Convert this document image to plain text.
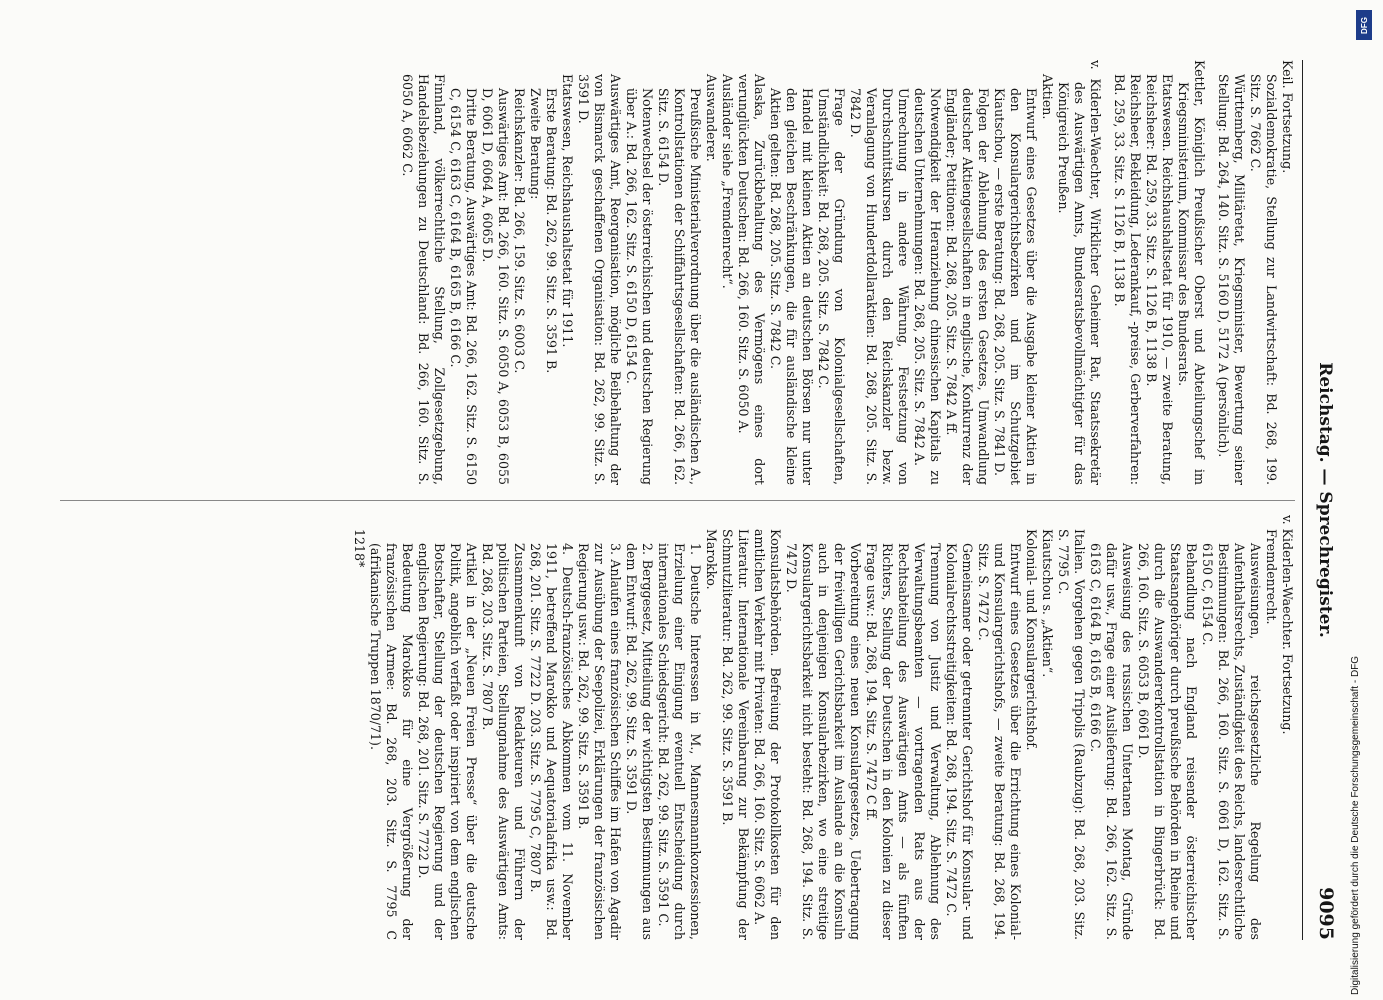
Reichstag. — Sprechregister.
9095

Keil. Fortsetzung.

Sozialdemokratie, Stellung zur Landwirtschaft: Bd. 268, 199. Sitz. S. 7662 C.

Württemberg, Militäretat, Kriegsminister, Bewertung seiner Stellung: Bd. 264, 140. Sitz. S. 5160 D, 5172 A (persönlich).

Kettler, Königlich Preußischer Oberst und Abteilungschef im Kriegsministerium, Kommissar des Bundesrats.

Etatswesen. Reichshaushaltsetat für 1910, — zweite Beratung, Reichsheer: Bd. 259, 33. Sitz. S. 1126 B, 1138 B.

Reichsheer, Bekleidung, Lederankauf, -preise, Gerberverfahren: Bd. 259, 33. Sitz. S. 1126 B, 1138 B.

v. Kiderlen-Waechter, Wirklicher Geheimer Rat, Staatssekretär des Auswärtigen Amts, Bundesratsbevollmächtigter für das Königreich Preußen.

Aktien.

Entwurf eines Gesetzes über die Ausgabe kleiner Aktien in den Konsulargerichtsbezirken und im Schutzgebiet Kiautschou, — erste Beratung: Bd. 268, 205. Sitz. S. 7841 D.

Folgen der Ablehnung des ersten Gesetzes, Umwandlung deutscher Aktiengesellschaften in englische, Konkurrenz der Engländer; Petitionen: Bd. 268, 205. Sitz. S. 7842 A ff.

Notwendigkeit der Heranziehung chinesischen Kapitals zu deutschen Unternehmungen: Bd. 268, 205. Sitz. S. 7842 A.

Umrechnung in andere Währung, Festsetzung von Durchschnittskursen durch den Reichskanzler bezw. Veranlagung von Hundertdollaraktien: Bd. 268, 205. Sitz. S. 7842 D.

Frage der Gründung von Kolonialgesellschaften, Umständlichkeit: Bd. 268, 205. Sitz. S. 7842 C.

Handel mit kleinen Aktien an deutschen Börsen nur unter den gleichen Beschränkungen, die für ausländische kleine Aktien gelten: Bd. 268, 205. Sitz. S. 7842 C.

Alaska, Zurückbehaltung des Vermögens eines dort verunglückten Deutschen: Bd. 266, 160. Sitz. S. 6050 A.

Ausländer siehe „Fremdenrecht“.

Auswanderer.

Preußische Ministerialverordnung über die ausländischen A., Kontrollstationen der Schiffahrtsgesellschaften: Bd. 266, 162. Sitz. S. 6154 D.

Notenwechsel der österreichischen und deutschen Regierung über A.: Bd. 266, 162. Sitz. S. 6150 D, 6154 C.

Auswärtiges Amt, Reorganisation, mögliche Beibehaltung der von Bismarck geschaffenen Organisation: Bd. 262, 99. Sitz. S. 3591 D.

Etatswesen, Reichshaushaltsetat für 1911.

Erste Beratung: Bd. 262, 99. Sitz. S. 3591 B.

Zweite Beratung:

Reichskanzler: Bd. 266, 159. Sitz. S. 6003 C.

Auswärtiges Amt: Bd. 266, 160. Sitz. S. 6050 A, 6053 B, 6055 D, 6061 D, 6064 A, 6065 D.

Dritte Beratung, Auswärtiges Amt: Bd. 266, 162. Sitz. S. 6150 C, 6154 C, 6163 C, 6164 B, 6165 B, 6166 C.

Finnland, völkerrechtliche Stellung, Zollgesetzgebung, Handelsbeziehungen zu Deutschland: Bd. 266, 160. Sitz. S. 6050 A, 6062 C.

v. Kiderlen-Waechter. Fortsetzung.

Fremdenrecht.

Ausweisungen, reichsgesetzliche Regelung des Aufenthaltsrechts, Zuständigkeit des Reichs, landesrechtliche Bestimmungen: Bd. 266, 160. Sitz. S. 6061 D, 162. Sitz. S. 6150 C, 6154 C.

Behandlung nach England reisender österreichischer Staatsangehöriger durch preußische Behörden in Rheine und durch die Auswandererkontrollstation in Bingerbrück: Bd. 266, 160. Sitz. S. 6053 B, 6061 D.

Ausweisung des russischen Untertanen Montag, Gründe dafür usw., Frage einer Auslieferung: Bd. 266, 162. Sitz. S. 6163 C, 6164 B, 6165 B, 6166 C.

Italien. Vorgehen gegen Tripolis (Raubzug): Bd. 268, 203. Sitz. S. 7795 C.

Kiautschou s. „Aktien“.

Kolonial- und Konsulargerichtshof.

Entwurf eines Gesetzes über die Errichtung eines Kolonial- und Konsulargerichtshofs, — zweite Beratung: Bd. 268, 194. Sitz. S. 7472 C.

Gemeinsamer oder getrennter Gerichtshof für Konsular- und Kolonialrechtsstreitigkeiten: Bd. 268, 194. Sitz. S. 7472 C.

Trennung von Justiz und Verwaltung, Ablehnung des Verwaltungsbeamten — vortragenden Rats aus der Rechtsabteilung des Auswärtigen Amts — als fünften Richters, Stellung der Deutschen in den Kolonien zu dieser Frage usw.: Bd. 268, 194. Sitz. S. 7472 C ff.

Vorbereitung eines neuen Konsulargesetzes, Uebertragung der freiwilligen Gerichtsbarkeit im Auslande an die Konsuln auch in denjenigen Konsularbezirken, wo eine streitige Konsulargerichtsbarkeit nicht besteht: Bd. 268, 194. Sitz. S. 7472 D.

Konsulatsbehörden. Befreiung der Protokollkosten für den amtlichen Verkehr mit Privaten: Bd. 266, 160. Sitz. S. 6062 A.

Literatur. Internationale Vereinbarung zur Bekämpfung der Schmutzliteratur: Bd. 262, 99. Sitz. S. 3591 B.

Marokko.

1. Deutsche Interessen in M., Mannesmannkonzessionen, Erzielung einer Einigung eventuell Entscheidung durch internationales Schiedsgericht: Bd. 262, 99. Sitz. S. 3591 C.

2. Berggesetz, Mitteilung der wichtigsten Bestimmungen aus dem Entwurf: Bd. 262, 99. Sitz. S. 3591 D.

3. Anlaufen eines französischen Schiffes im Hafen von Agadir zur Ausübung der Seepolizei, Erklärungen der französischen Regierung usw.: Bd. 262, 99. Sitz. S. 3591 B.

4. Deutsch-französisches Abkommen vom 11. November 1911, betreffend Marokko und Aequatorialafrika usw.: Bd. 268, 201. Sitz. S. 7722 D. 203. Sitz. S. 7795 C, 7807 B.

Zusammenkunft von Redakteuren und Führern der politischen Parteien, Stellungnahme des Auswärtigen Amts: Bd. 268, 203. Sitz. S. 7807 B.

Artikel in der „Neuen Freien Presse“ über die deutsche Politik, angeblich verfaßt oder inspiriert von dem englischen Botschafter, Stellung der deutschen Regierung und der englischen Regierung: Bd. 268, 201. Sitz. S. 7722 D.

Bedeutung Marokkos für eine Vergrößerung der französischen Armee: Bd. 268, 203. Sitz. S. 7795 C (afrikanische Truppen 1870/71).

1218*

Digitalisierung gefördert durch die Deutsche Forschungsgemeinschaft - DFG
DFG
